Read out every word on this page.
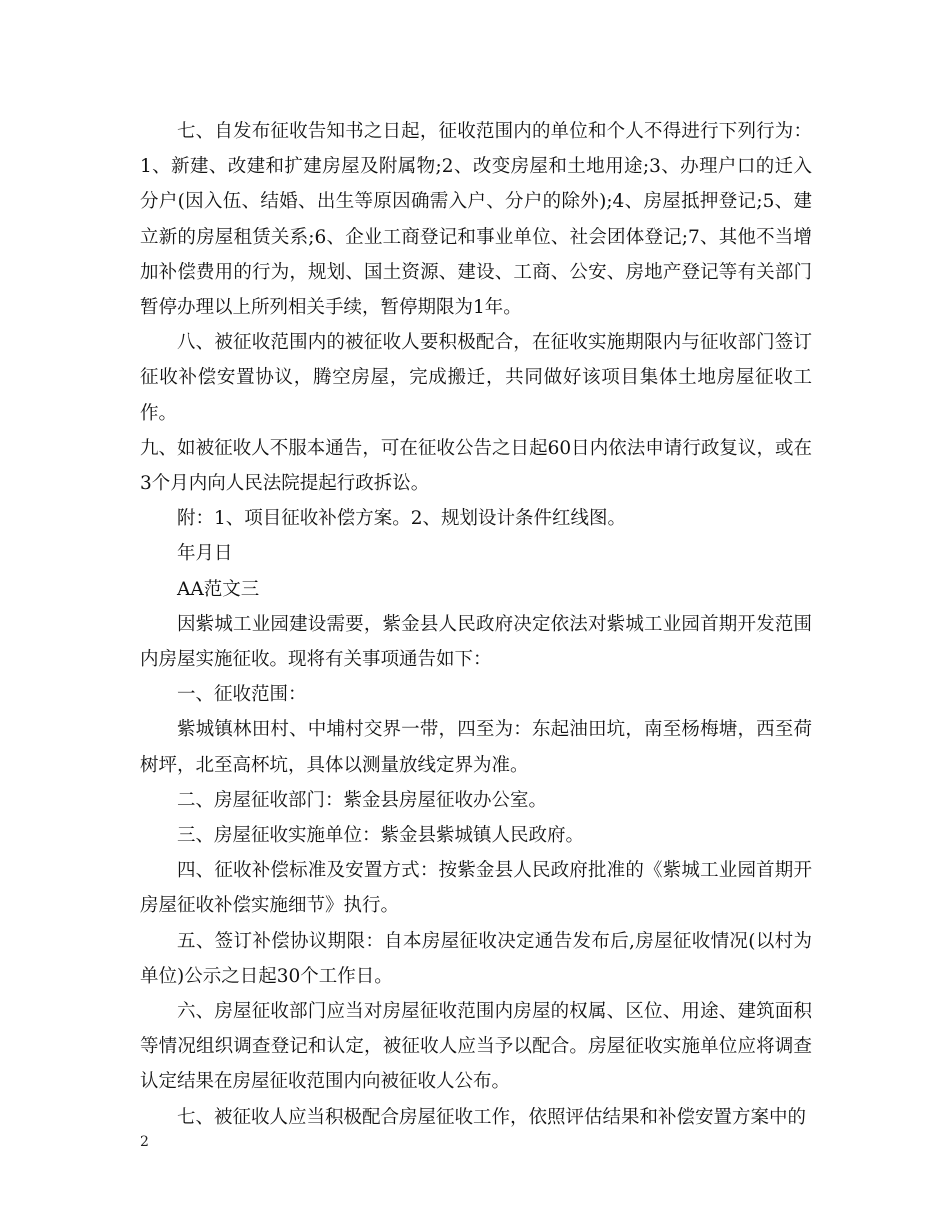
七、自发布征收告知书之日起，征收范围内的单位和个人不得进行下列行为：1、新建、改建和扩建房屋及附属物;2、改变房屋和土地用途;3、办理户口的迁入分户(因入伍、结婚、出生等原因确需入户、分户的除外);4、房屋抵押登记;5、建立新的房屋租赁关系;6、企业工商登记和事业单位、社会团体登记;7、其他不当增加补偿费用的行为，规划、国土资源、建设、工商、公安、房地产登记等有关部门暂停办理以上所列相关手续，暂停期限为1年。

八、被征收范围内的被征收人要积极配合，在征收实施期限内与征收部门签订征收补偿安置协议，腾空房屋，完成搬迁，共同做好该项目集体土地房屋征收工作。

九、如被征收人不服本通告，可在征收公告之日起60日内依法申请行政复议，或在3个月内向人民法院提起行政拆讼。

附：1、项目征收补偿方案。2、规划设计条件红线图。

年月日

AA范文三

因紫城工业园建设需要，紫金县人民政府决定依法对紫城工业园首期开发范围内房屋实施征收。现将有关事项通告如下：

一、征收范围：

紫城镇林田村、中埔村交界一带，四至为：东起油田坑，南至杨梅塘，西至荷树坪，北至高杯坑，具体以测量放线定界为准。

二、房屋征收部门：紫金县房屋征收办公室。

三、房屋征收实施单位：紫金县紫城镇人民政府。

四、征收补偿标准及安置方式：按紫金县人民政府批准的《紫城工业园首期开房屋征收补偿实施细节》执行。

五、签订补偿协议期限：自本房屋征收决定通告发布后,房屋征收情况(以村为单位)公示之日起30个工作日。

六、房屋征收部门应当对房屋征收范围内房屋的权属、区位、用途、建筑面积等情况组织调查登记和认定，被征收人应当予以配合。房屋征收实施单位应将调查认定结果在房屋征收范围内向被征收人公布。

七、被征收人应当积极配合房屋征收工作，依照评估结果和补偿安置方案中的

2
